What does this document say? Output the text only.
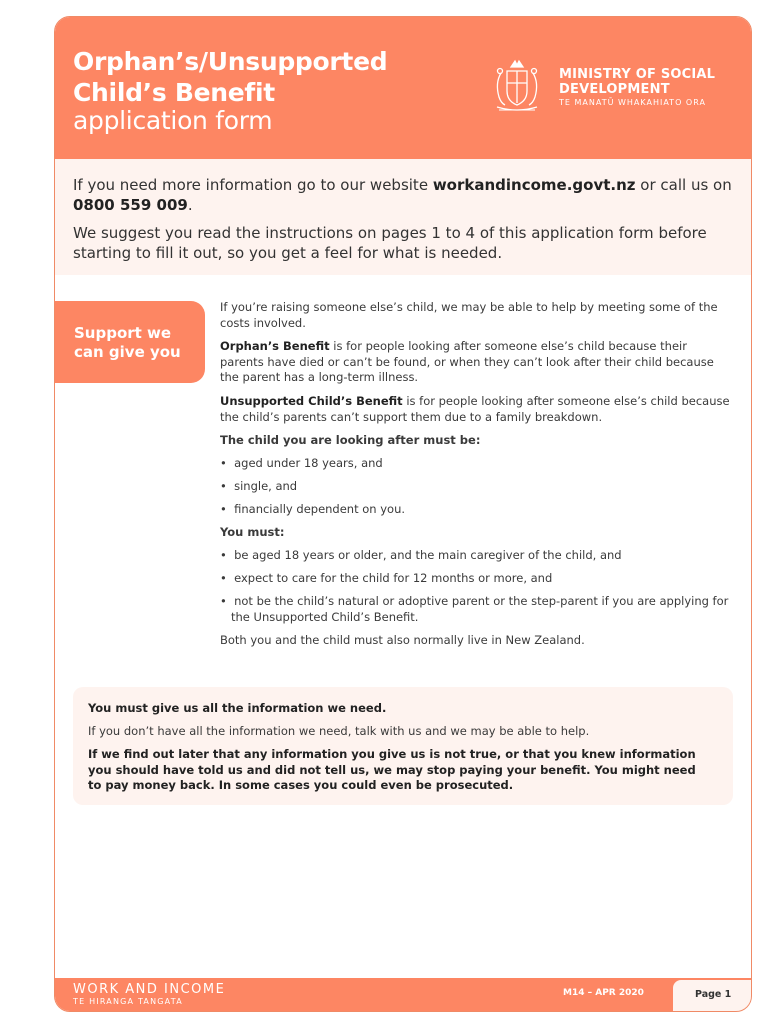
Orphan’s/Unsupported
Child’s Benefit
application form
MINISTRY OF SOCIAL
DEVELOPMENT
TE MANATŪ WHAKAHIATO ORA

If you need more information go to our website workandincome.govt.nz or call us on
0800 559 009.

We suggest you read the instructions on pages 1 to 4 of this application form before starting to fill it out, so you get a feel for what is needed.

Support we
can give you

If you’re raising someone else’s child, we may be able to help by meeting some of the costs involved.

Orphan’s Benefit is for people looking after someone else’s child because their parents have died or can’t be found, or when they can’t look after their child because the parent has a long-term illness.

Unsupported Child’s Benefit is for people looking after someone else’s child because the child’s parents can’t support them due to a family breakdown.

The child you are looking after must be:
•  aged under 18 years, and
•  single, and
•  financially dependent on you.
You must:
•  be aged 18 years or older, and the main caregiver of the child, and
•  expect to care for the child for 12 months or more, and
•  not be the child’s natural or adoptive parent or the step-parent if you are applying for the Unsupported Child’s Benefit.
Both you and the child must also normally live in New Zealand.

You must give us all the information we need.

If you don’t have all the information we need, talk with us and we may be able to help.

If we find out later that any information you give us is not true, or that you knew information you should have told us and did not tell us, we may stop paying your benefit. You might need to pay money back. In some cases you could even be prosecuted.

WORK AND INCOME
TE HIRANGA TANGATA
M14 – APR 2020	Page 1
